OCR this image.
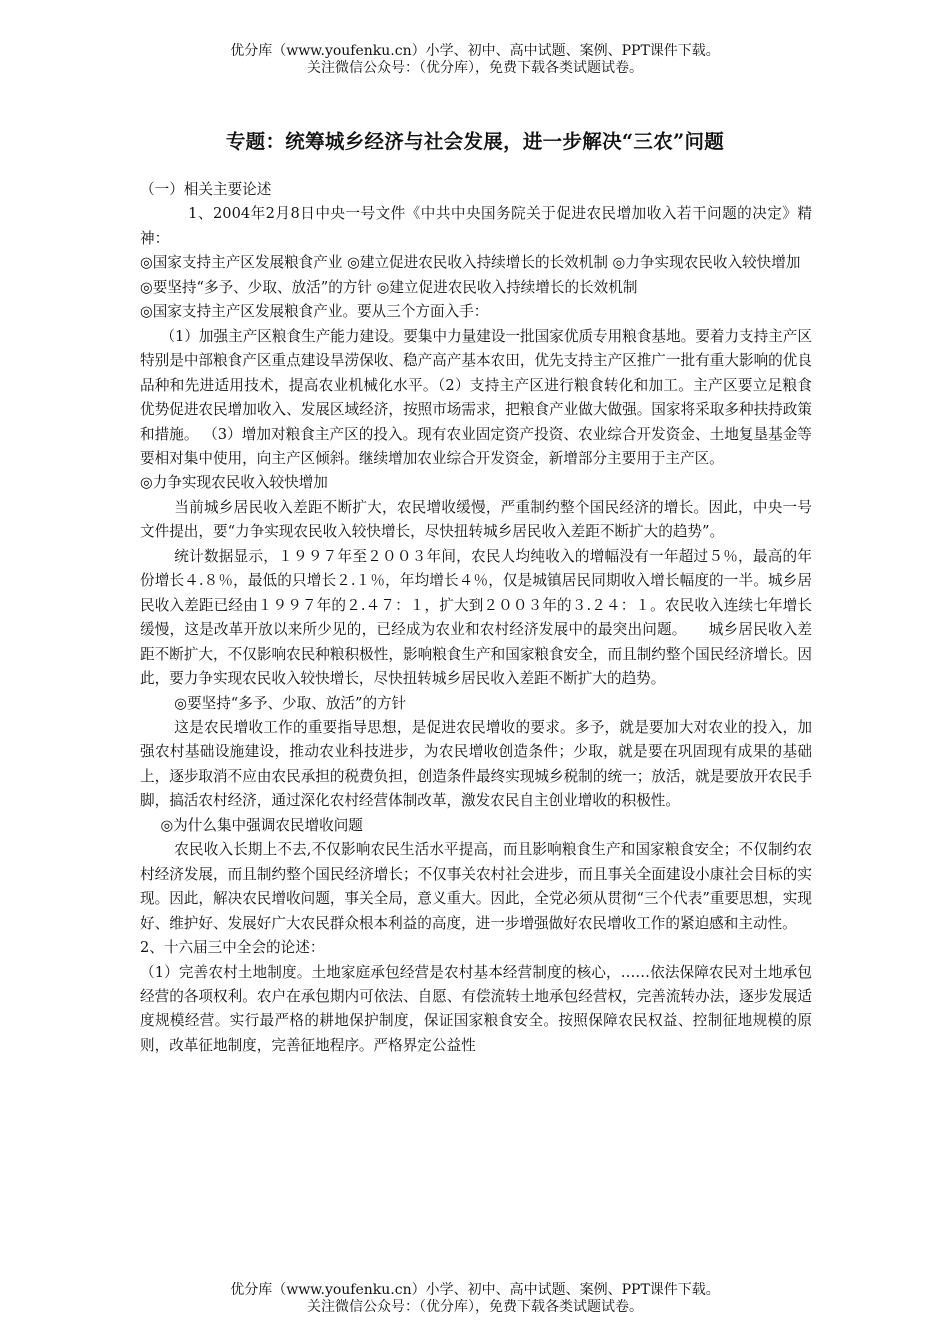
优分库（www.youfenku.cn）小学、初中、高中试题、案例、PPT课件下载。
关注微信公众号：（优分库），免费下载各类试题试卷。
专题：统筹城乡经济与社会发展，进一步解决“三农”问题

（一）相关主要论述

1、2004年2月8日中央一号文件《中共中央国务院关于促进农民增加收入若干问题的决定》精神：

◎国家支持主产区发展粮食产业 ◎建立促进农民收入持续增长的长效机制 ◎力争实现农民收入较快增加

◎要坚持“多予、少取、放活”的方针 ◎建立促进农民收入持续增长的长效机制

◎国家支持主产区发展粮食产业。要从三个方面入手：

（1）加强主产区粮食生产能力建设。要集中力量建设一批国家优质专用粮食基地。要着力支持主产区特别是中部粮食产区重点建设旱涝保收、稳产高产基本农田，优先支持主产区推广一批有重大影响的优良品种和先进适用技术，提高农业机械化水平。（2）支持主产区进行粮食转化和加工。主产区要立足粮食优势促进农民增加收入、发展区域经济，按照市场需求，把粮食产业做大做强。国家将采取多种扶持政策和措施。 （3）增加对粮食主产区的投入。现有农业固定资产投资、农业综合开发资金、土地复垦基金等要相对集中使用，向主产区倾斜。继续增加农业综合开发资金，新增部分主要用于主产区。

◎力争实现农民收入较快增加

当前城乡居民收入差距不断扩大，农民增收缓慢，严重制约整个国民经济的增长。因此，中央一号文件提出，要“力争实现农民收入较快增长，尽快扭转城乡居民收入差距不断扩大的趋势”。

统计数据显示，１９９７年至２００３年间，农民人均纯收入的增幅没有一年超过５％，最高的年份增长４.８％，最低的只增长２.１％，年均增长４％，仅是城镇居民同期收入增长幅度的一半。城乡居民收入差距已经由１９９７年的２.４７：１，扩大到２００３年的３.２４：１。农民收入连续七年增长缓慢，这是改革开放以来所少见的，已经成为农业和农村经济发展中的最突出问题。　　城乡居民收入差距不断扩大，不仅影响农民种粮积极性，影响粮食生产和国家粮食安全，而且制约整个国民经济增长。因此，要力争实现农民收入较快增长，尽快扭转城乡居民收入差距不断扩大的趋势。

◎要坚持“多予、少取、放活”的方针

这是农民增收工作的重要指导思想，是促进农民增收的要求。多予，就是要加大对农业的投入，加强农村基础设施建设，推动农业科技进步，为农民增收创造条件；少取，就是要在巩固现有成果的基础上，逐步取消不应由农民承担的税费负担，创造条件最终实现城乡税制的统一；放活，就是要放开农民手脚，搞活农村经济，通过深化农村经营体制改革，激发农民自主创业增收的积极性。

◎为什么集中强调农民增收问题

农民收入长期上不去,不仅影响农民生活水平提高，而且影响粮食生产和国家粮食安全；不仅制约农村经济发展，而且制约整个国民经济增长；不仅事关农村社会进步，而且事关全面建设小康社会目标的实现。因此，解决农民增收问题，事关全局，意义重大。因此，全党必须从贯彻“三个代表”重要思想，实现好、维护好、发展好广大农民群众根本利益的高度，进一步增强做好农民增收工作的紧迫感和主动性。

2、十六届三中全会的论述：

（1）完善农村土地制度。土地家庭承包经营是农村基本经营制度的核心，……依法保障农民对土地承包经营的各项权利。农户在承包期内可依法、自愿、有偿流转土地承包经营权，完善流转办法，逐步发展适度规模经营。实行最严格的耕地保护制度，保证国家粮食安全。按照保障农民权益、控制征地规模的原则，改革征地制度，完善征地程序。严格界定公益性

优分库（www.youfenku.cn）小学、初中、高中试题、案例、PPT课件下载。
关注微信公众号：（优分库），免费下载各类试题试卷。
